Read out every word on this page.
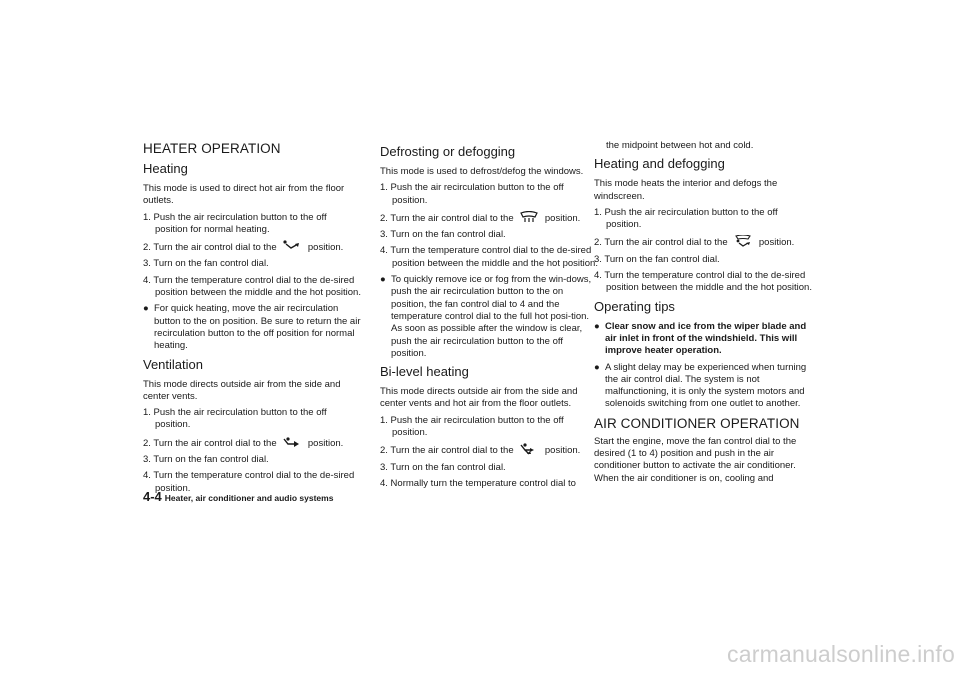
HEATER OPERATION
Heating

This mode is used to direct hot air from the floor outlets.

1. Push the air recirculation button to the off position for normal heating.

2. Turn the air control dial to the	position.

3. Turn on the fan control dial.

4. Turn the temperature control dial to the de-sired position between the middle and the hot position.

● For quick heating, move the air recirculation button to the on position. Be sure to return the air recirculation button to the off position for normal heating.
Ventilation

This mode directs outside air from the side and center vents.

1. Push the air recirculation button to the off position.

2. Turn the air control dial to the	position.

3. Turn on the fan control dial.

4. Turn the temperature control dial to the de-sired position.

Defrosting or defogging

This mode is used to defrost/defog the windows.

1. Push the air recirculation button to the off position.

2. Turn the air control dial to the	position.

3. Turn on the fan control dial.

4. Turn the temperature control dial to the de-sired position between the middle and the hot position.

● To quickly remove ice or fog from the win-dows, push the air recirculation button to the on position, the fan control dial to 4 and the temperature control dial to the full hot posi-tion. As soon as possible after the window is clear, push the air recirculation button to the off position.
Bi-level heating

This mode directs outside air from the side and center vents and hot air from the floor outlets.

1. Push the air recirculation button to the off position.

2. Turn the air control dial to the	position.

3. Turn on the fan control dial.

4. Normally turn the temperature control dial to

the midpoint between hot and cold.

Heating and defogging

This mode heats the interior and defogs the windscreen.

1. Push the air recirculation button to the off position.

2. Turn the air control dial to the	position.

3. Turn on the fan control dial.

4. Turn the temperature control dial to the de-sired position between the middle and the hot position.

Operating tips
● Clear snow and ice from the wiper blade and air inlet in front of the windshield. This will improve heater operation.
● A slight delay may be experienced when turning the air control dial. The system is not malfunctioning, it is only the system motors and solenoids switching from one outlet to another.
AIR CONDITIONER OPERATION

Start the engine, move the fan control dial to the desired (1 to 4) position and push in the air conditioner button to activate the air conditioner. When the air conditioner is on, cooling and

4-4 Heater, air conditioner and audio systems
carmanualsonline.info
